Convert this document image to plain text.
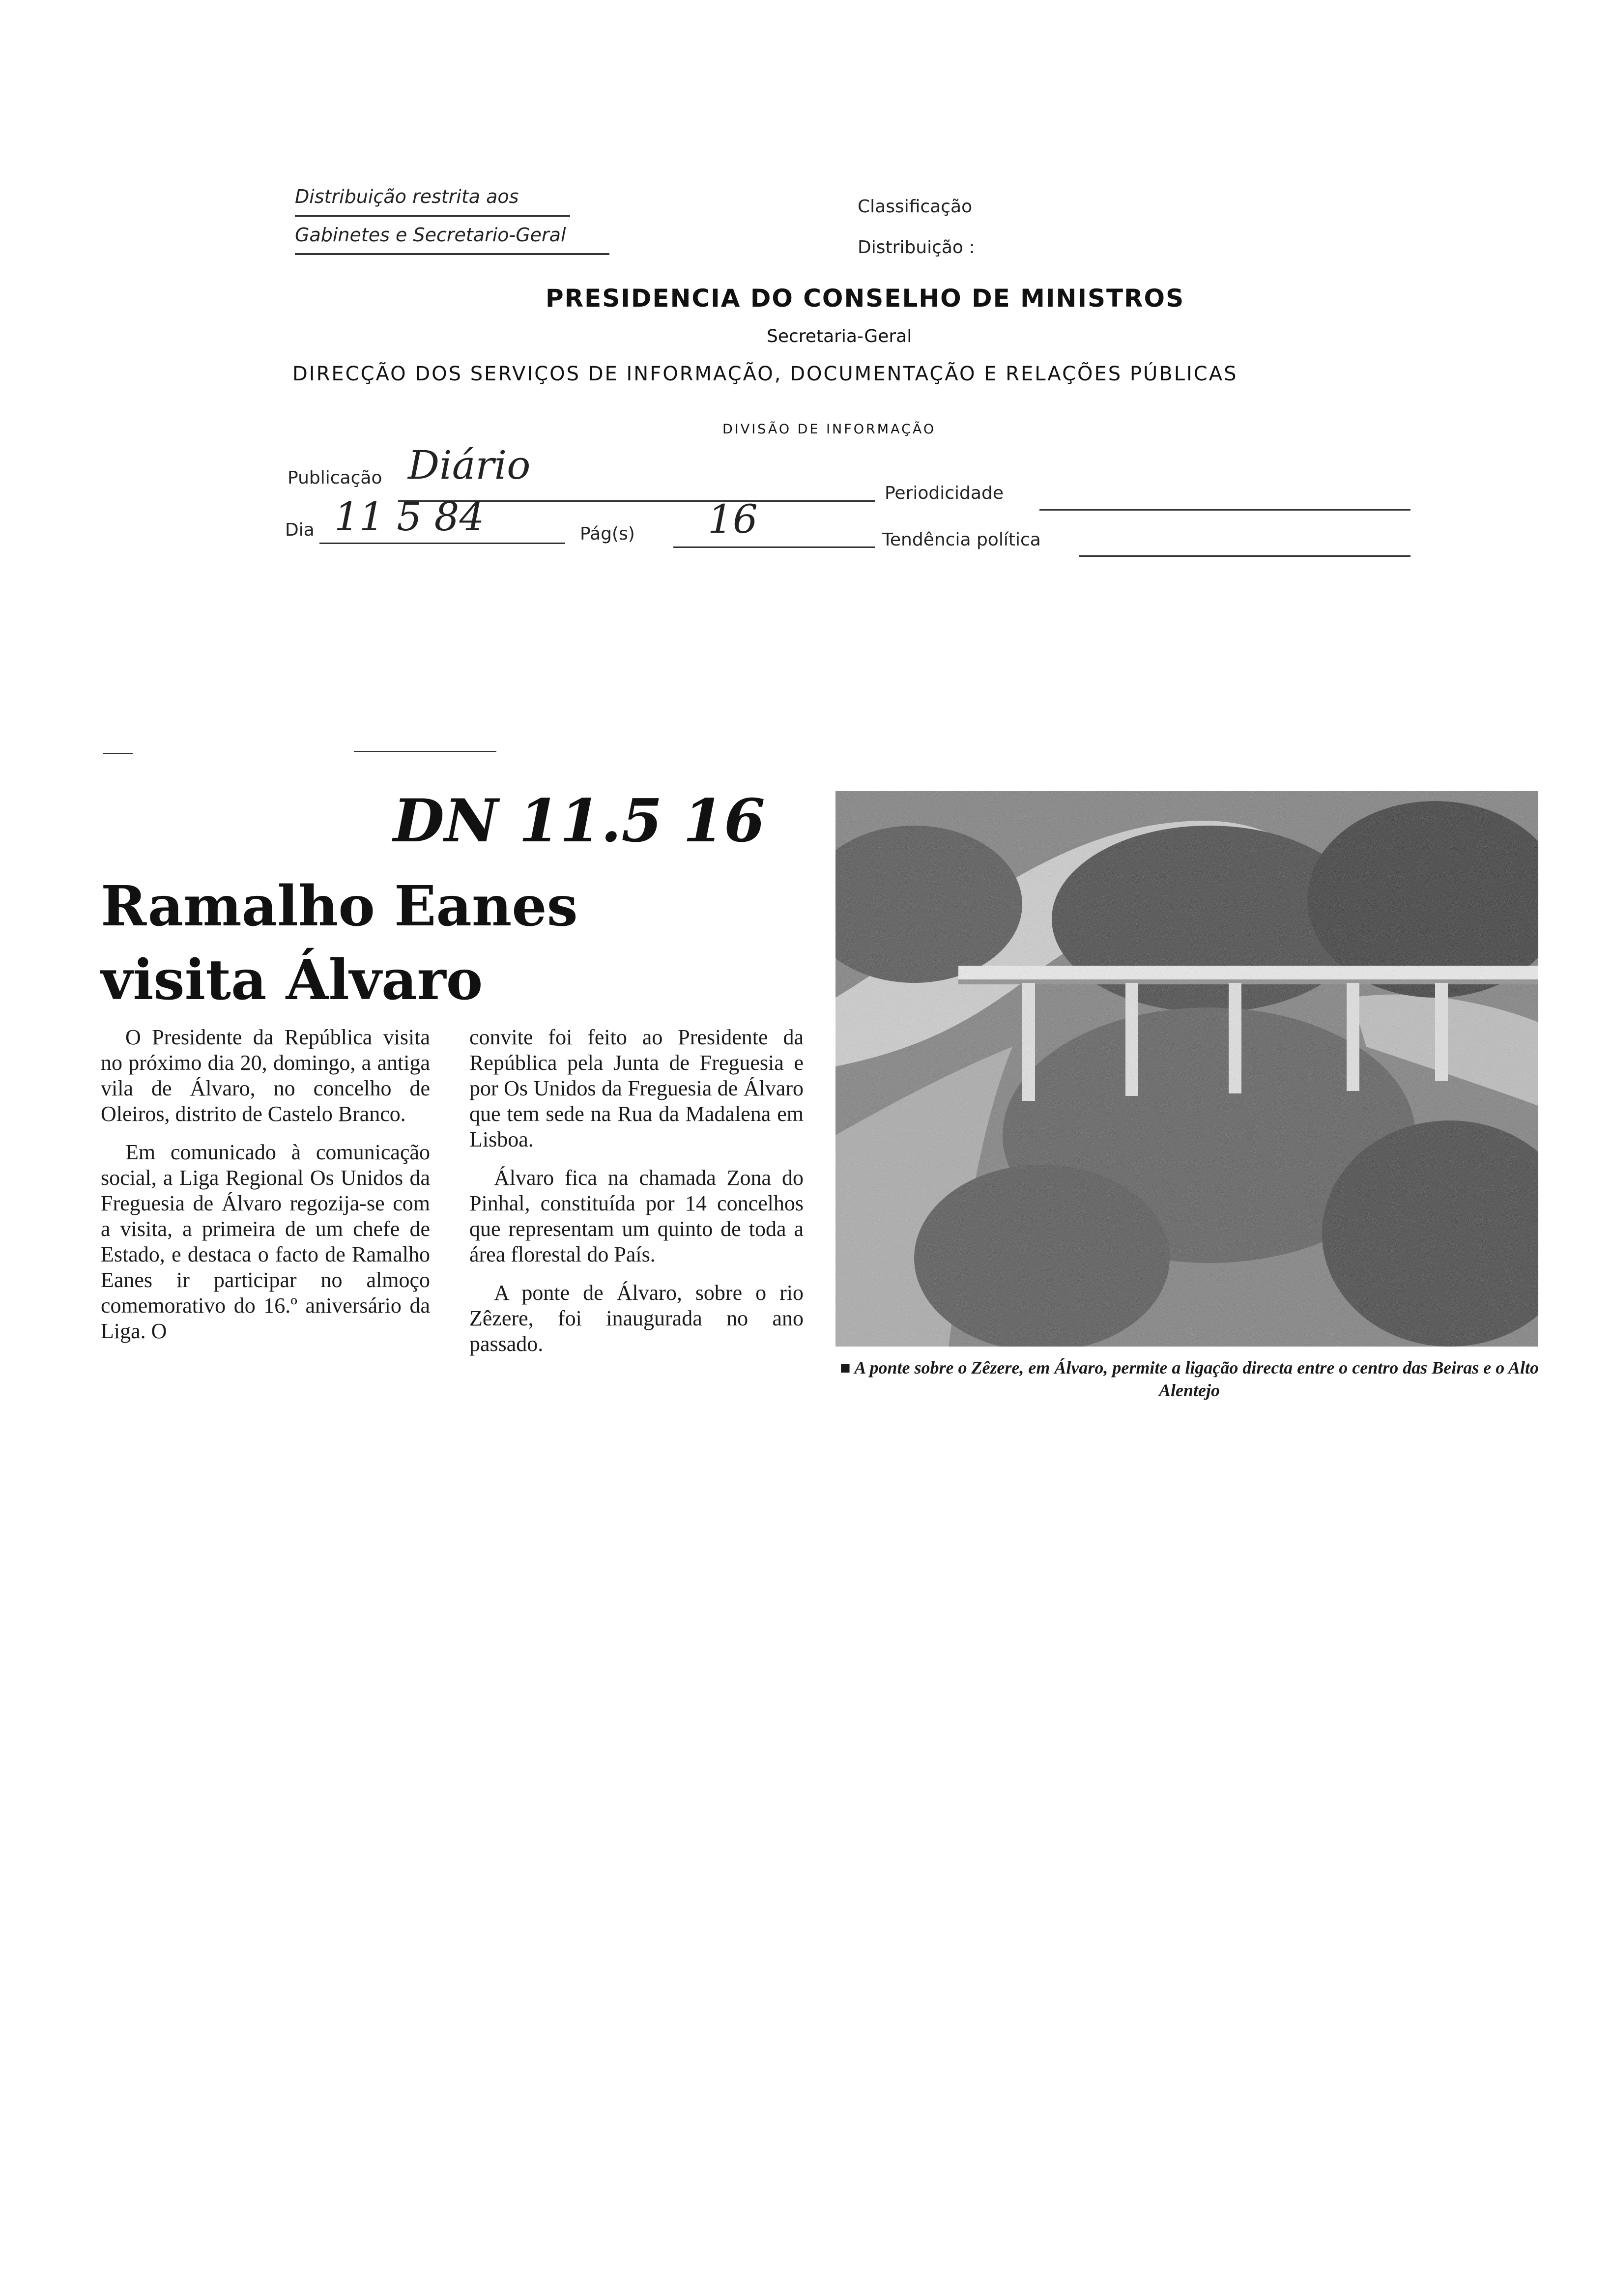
Distribuição restrita aos
Gabinetes e Secretario-Geral
Classificação
Distribuição :
PRESIDENCIA DO CONSELHO DE MINISTROS
Secretaria-Geral
DIRECÇÃO DOS SERVIÇOS DE INFORMAÇÃO, DOCUMENTAÇÃO E RELAÇÕES PÚBLICAS
DIVISÃO DE INFORMAÇÃO
Publicação Diário
Periodicidade
Dia 11 5 84	Pág(s) 16	Tendência política
DN 11.5 16
Ramalho Eanes
visita Álvaro

O Presidente da República visita no próximo dia 20, domingo, a antiga vila de Álvaro, no concelho de Oleiros, distrito de Castelo Branco.

Em comunicado à comunicação social, a Liga Regional Os Unidos da Freguesia de Álvaro regozija-se com a visita, a primeira de um chefe de Estado, e destaca o facto de Ramalho Eanes ir participar no almoço comemorativo do 16.º aniversário da Liga. O

convite foi feito ao Presidente da República pela Junta de Freguesia e por Os Unidos da Freguesia de Álvaro que tem sede na Rua da Madalena em Lisboa.

Álvaro fica na chamada Zona do Pinhal, constituída por 14 concelhos que representam um quinto de toda a área florestal do País.

A ponte de Álvaro, sobre o rio Zêzere, foi inaugurada no ano passado.

■ A ponte sobre o Zêzere, em Álvaro, permite a ligação directa entre o centro das Beiras e o Alto Alentejo
